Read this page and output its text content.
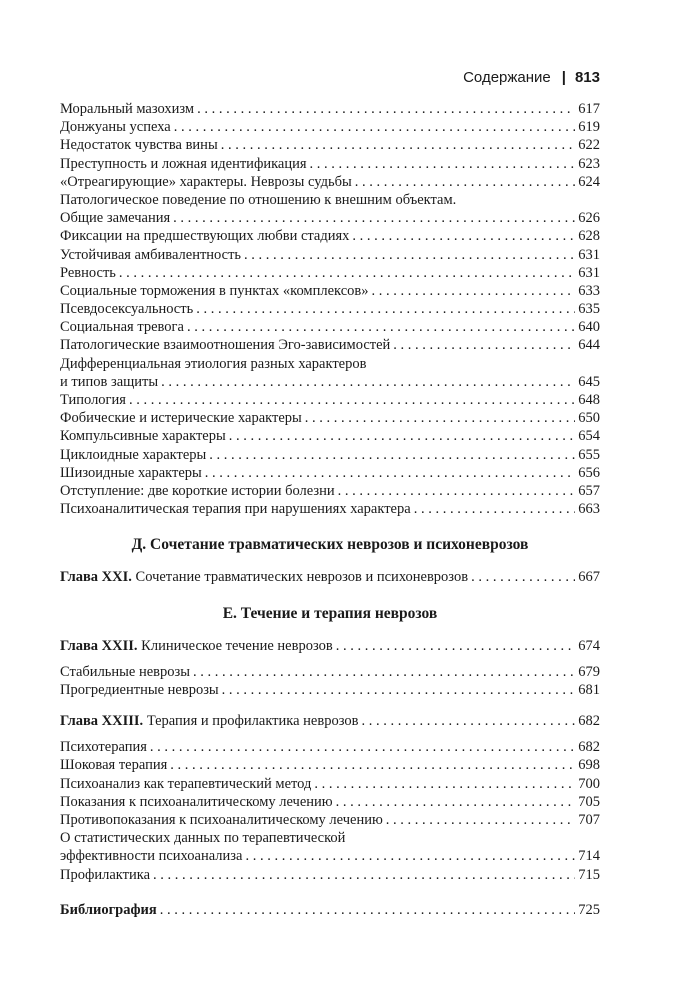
Содержание | 813
Моральный мазохизм . . .	617
Донжуаны успеха . . .	619
Недостаток чувства вины . . .	622
Преступность и ложная идентификация . . .	623
«Отреагирующие» характеры. Неврозы судьбы . . .	624
Патологическое поведение по отношению к внешним объектам.
Общие замечания . . .	626
Фиксации на предшествующих любви стадиях . . .	628
Устойчивая амбивалентность . . .	631
Ревность . . .	631
Социальные торможения в пунктах «комплексов» . . .	633
Псевдосексуальность . . .	635
Социальная тревога . . .	640
Патологические взаимоотношения Эго-зависимостей . . .	644
Дифференциальная этиология разных характеров
и типов защиты . . .	645
Типология . . .	648
Фобические и истерические характеры . . .	650
Компульсивные характеры . . .	654
Циклоидные характеры . . .	655
Шизоидные характеры . . .	656
Отступление: две короткие истории болезни . . .	657
Психоаналитическая терапия при нарушениях характера . . .	663
Д. Сочетание травматических неврозов и психоневрозов
Глава XXI. Сочетание травматических неврозов и психоневрозов . . .	667
Е. Течение и терапия неврозов
Глава XXII. Клиническое течение неврозов . . .	674
Стабильные неврозы . . .	679
Прогредиентные неврозы . . .	681
Глава XXIII. Терапия и профилактика неврозов . . .	682
Психотерапия . . .	682
Шоковая терапия . . .	698
Психоанализ как терапевтический метод . . .	700
Показания к психоаналитическому лечению . . .	705
Противопоказания к психоаналитическому лечению . . .	707
О статистических данных по терапевтической
эффективности психоанализа . . .	714
Профилактика . . .	715
Библиография . . .	725
